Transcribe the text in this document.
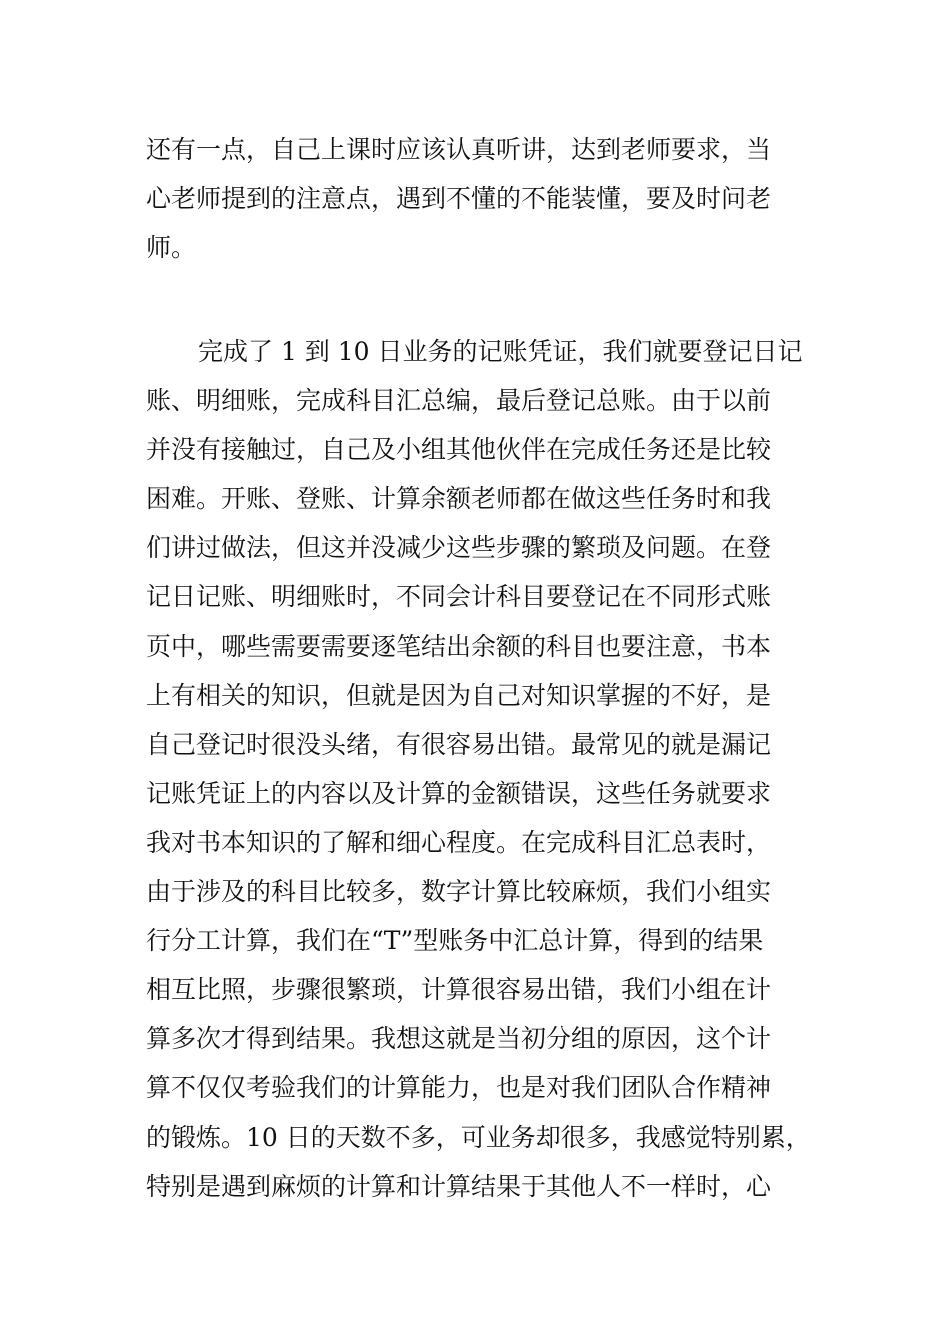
还有一点，自己上课时应该认真听讲，达到老师要求，当
心老师提到的注意点，遇到不懂的不能装懂，要及时问老
师。
完成了 1 到 10 日业务的记账凭证，我们就要登记日记
账、明细账，完成科目汇总编，最后登记总账。由于以前
并没有接触过，自己及小组其他伙伴在完成任务还是比较
困难。开账、登账、计算余额老师都在做这些任务时和我
们讲过做法，但这并没减少这些步骤的繁琐及问题。在登
记日记账、明细账时，不同会计科目要登记在不同形式账
页中，哪些需要需要逐笔结出余额的科目也要注意，书本
上有相关的知识，但就是因为自己对知识掌握的不好，是
自己登记时很没头绪，有很容易出错。最常见的就是漏记
记账凭证上的内容以及计算的金额错误，这些任务就要求
我对书本知识的了解和细心程度。在完成科目汇总表时，
由于涉及的科目比较多，数字计算比较麻烦，我们小组实
行分工计算，我们在“T”型账务中汇总计算，得到的结果
相互比照，步骤很繁琐，计算很容易出错，我们小组在计
算多次才得到结果。我想这就是当初分组的原因，这个计
算不仅仅考验我们的计算能力，也是对我们团队合作精神
的锻炼。10 日的天数不多，可业务却很多，我感觉特别累，
特别是遇到麻烦的计算和计算结果于其他人不一样时，心
